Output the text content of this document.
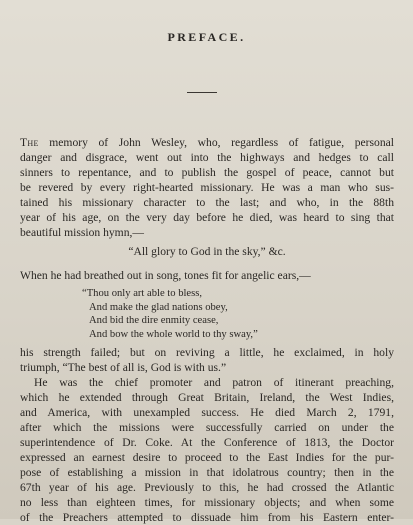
PREFACE.
The memory of John Wesley, who, regardless of fatigue, personal
danger and disgrace, went out into the highways and hedges to call
sinners to repentance, and to publish the gospel of peace, cannot but
be revered by every right-hearted missionary. He was a man who sus-
tained his missionary character to the last; and who, in the 88th
year of his age, on the very day before he died, was heard to sing that
beautiful mission hymn,—
“All glory to God in the sky,” &c.
When he had breathed out in song, tones fit for angelic ears,—
“Thou only art able to bless,
And make the glad nations obey,
And bid the dire enmity cease,
And bow the whole world to thy sway,”
his strength failed; but on reviving a little, he exclaimed, in holy
triumph, “The best of all is, God is with us.”
He was the chief promoter and patron of itinerant preaching,
which he extended through Great Britain, Ireland, the West Indies,
and America, with unexampled success. He died March 2, 1791,
after which the missions were successfully carried on under the
superintendence of Dr. Coke. At the Conference of 1813, the Doctor
expressed an earnest desire to proceed to the East Indies for the pur-
pose of establishing a mission in that idolatrous country; then in the
67th year of his age. Previously to this, he had crossed the Atlantic
no less than eighteen times, for missionary objects; and when some
of the Preachers attempted to dissuade him from his Eastern enter-
